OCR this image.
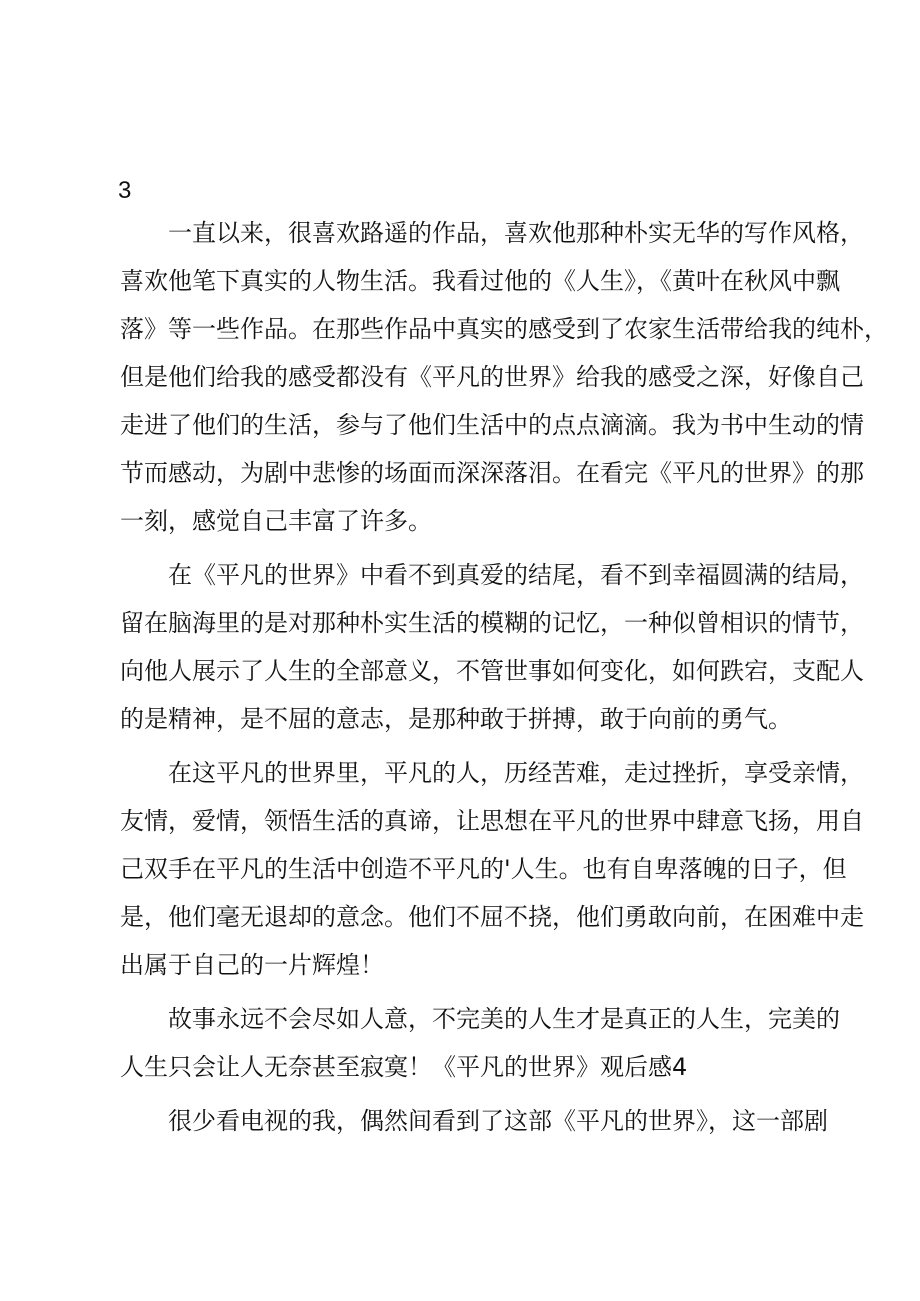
3
一直以来，很喜欢路遥的作品，喜欢他那种朴实无华的写作风格，
喜欢他笔下真实的人物生活。我看过他的《人生》，《黄叶在秋风中飘
落》等一些作品。在那些作品中真实的感受到了农家生活带给我的纯朴，
但是他们给我的感受都没有《平凡的世界》给我的感受之深，好像自己
走进了他们的生活，参与了他们生活中的点点滴滴。我为书中生动的情
节而感动，为剧中悲惨的场面而深深落泪。在看完《平凡的世界》的那
一刻，感觉自己丰富了许多。
在《平凡的世界》中看不到真爱的结尾，看不到幸福圆满的结局，
留在脑海里的是对那种朴实生活的模糊的记忆，一种似曾相识的情节，
向他人展示了人生的全部意义，不管世事如何变化，如何跌宕，支配人
的是精神，是不屈的意志，是那种敢于拼搏，敢于向前的勇气。
在这平凡的世界里，平凡的人，历经苦难，走过挫折，享受亲情，
友情，爱情，领悟生活的真谛，让思想在平凡的世界中肆意飞扬，用自
己双手在平凡的生活中创造不平凡的'人生。也有自卑落魄的日子，但
是，他们毫无退却的意念。他们不屈不挠，他们勇敢向前，在困难中走
出属于自己的一片辉煌！
故事永远不会尽如人意，不完美的人生才是真正的人生，完美的
人生只会让人无奈甚至寂寞！《平凡的世界》观后感4
很少看电视的我，偶然间看到了这部《平凡的世界》，这一部剧
